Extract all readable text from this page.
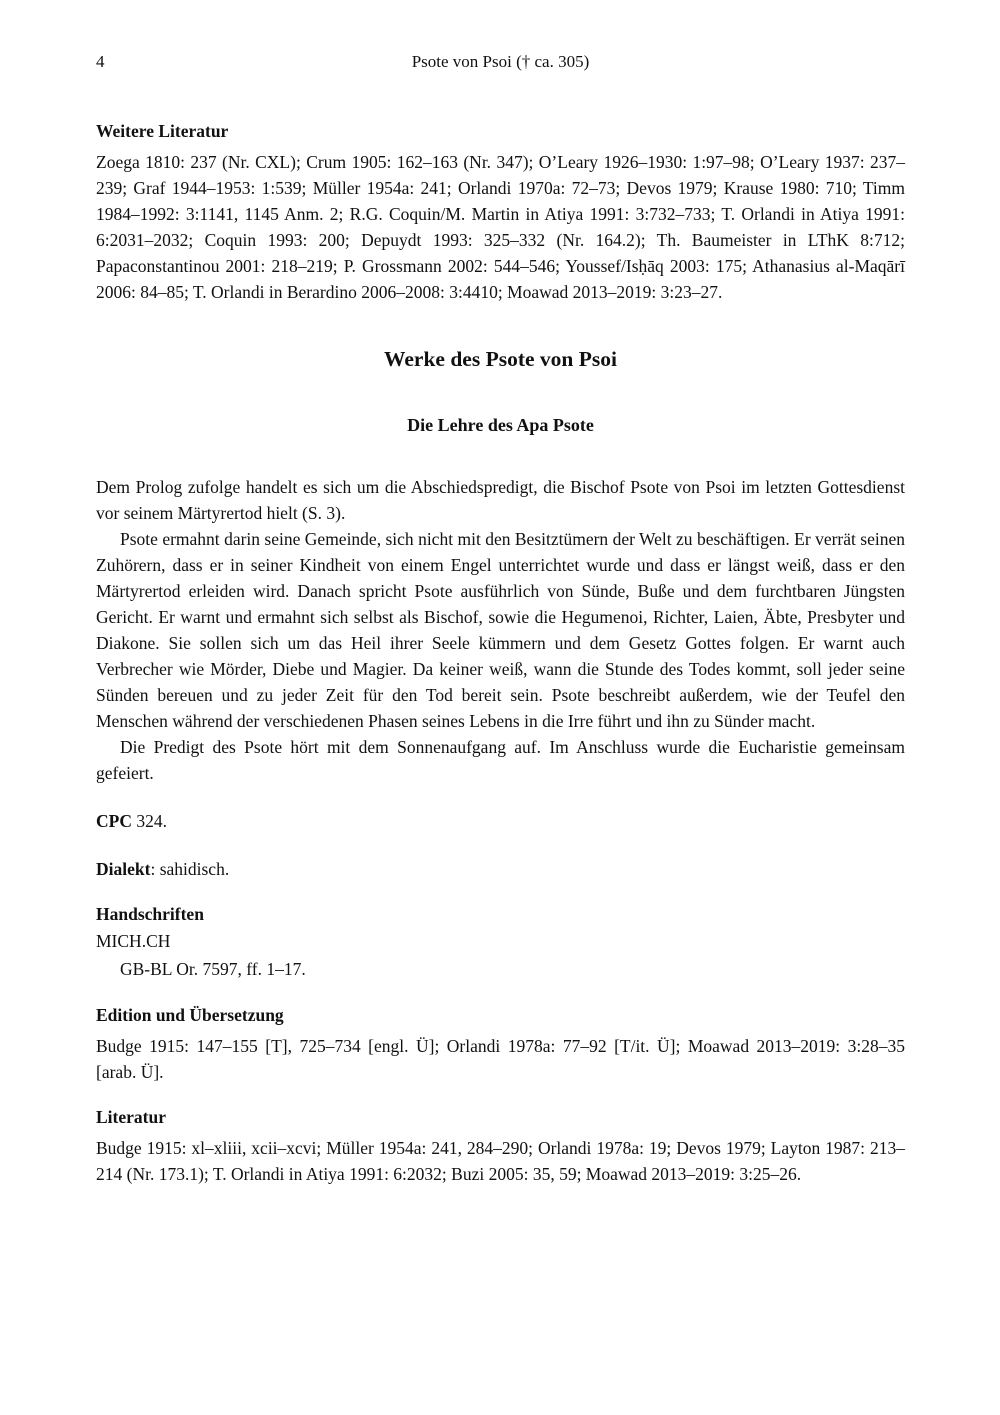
4	Psote von Psoi († ca. 305)
Weitere Literatur
Zoega 1810: 237 (Nr. CXL); Crum 1905: 162–163 (Nr. 347); O’Leary 1926–1930: 1:97–98; O’Leary 1937: 237–239; Graf 1944–1953: 1:539; Müller 1954a: 241; Orlandi 1970a: 72–73; Devos 1979; Krause 1980: 710; Timm 1984–1992: 3:1141, 1145 Anm. 2; R.G. Coquin/M. Martin in Atiya 1991: 3:732–733; T. Orlandi in Atiya 1991: 6:2031–2032; Coquin 1993: 200; Depuydt 1993: 325–332 (Nr. 164.2); Th. Baumeister in LThK 8:712; Papaconstantinou 2001: 218–219; P. Grossmann 2002: 544–546; Youssef/Isḥāq 2003: 175; Athanasius al-Maqārī 2006: 84–85; T. Orlandi in Berardino 2006–2008: 3:4410; Moawad 2013–2019: 3:23–27.
Werke des Psote von Psoi
Die Lehre des Apa Psote
Dem Prolog zufolge handelt es sich um die Abschiedspredigt, die Bischof Psote von Psoi im letzten Gottesdienst vor seinem Märtyrertod hielt (S. 3).
Psote ermahnt darin seine Gemeinde, sich nicht mit den Besitztümern der Welt zu beschäftigen. Er verrät seinen Zuhörern, dass er in seiner Kindheit von einem Engel unterrichtet wurde und dass er längst weiß, dass er den Märtyrertod erleiden wird. Danach spricht Psote ausführlich von Sünde, Buße und dem furchtbaren Jüngsten Gericht. Er warnt und ermahnt sich selbst als Bischof, sowie die Hegumenoi, Richter, Laien, Äbte, Presbyter und Diakone. Sie sollen sich um das Heil ihrer Seele kümmern und dem Gesetz Gottes folgen. Er warnt auch Verbrecher wie Mörder, Diebe und Magier. Da keiner weiß, wann die Stunde des Todes kommt, soll jeder seine Sünden bereuen und zu jeder Zeit für den Tod bereit sein. Psote beschreibt außerdem, wie der Teufel den Menschen während der verschiedenen Phasen seines Lebens in die Irre führt und ihn zu Sünder macht.
Die Predigt des Psote hört mit dem Sonnenaufgang auf. Im Anschluss wurde die Eucharistie gemeinsam gefeiert.
CPC 324.
Dialekt: sahidisch.
Handschriften
MICH.CH
GB-BL Or. 7597, ff. 1–17.
Edition und Übersetzung
Budge 1915: 147–155 [T], 725–734 [engl. Ü]; Orlandi 1978a: 77–92 [T/it. Ü]; Moawad 2013–2019: 3:28–35 [arab. Ü].
Literatur
Budge 1915: xl–xliii, xcii–xcvi; Müller 1954a: 241, 284–290; Orlandi 1978a: 19; Devos 1979; Layton 1987: 213–214 (Nr. 173.1); T. Orlandi in Atiya 1991: 6:2032; Buzi 2005: 35, 59; Moawad 2013–2019: 3:25–26.
